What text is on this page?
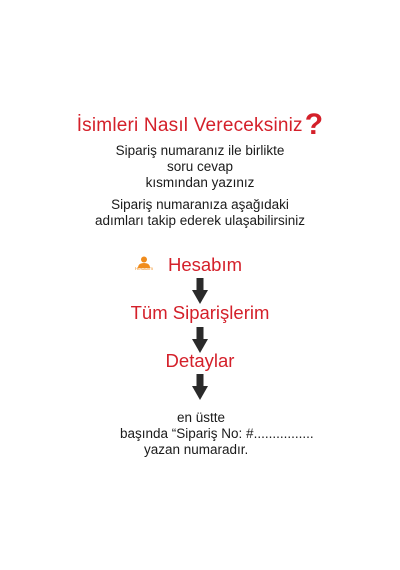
İsimleri Nasıl Vereceksiniz?
Sipariş numaranız ile birlikte
soru cevap
kısmından yazınız
Sipariş numaranıza aşağıdaki
adımları takip ederek ulaşabilirsiniz
Hesabım Hesabım
Tüm Siparişlerim
Detaylar
en üstte
başında “Sipariş No: #................
yazan numaradır.
